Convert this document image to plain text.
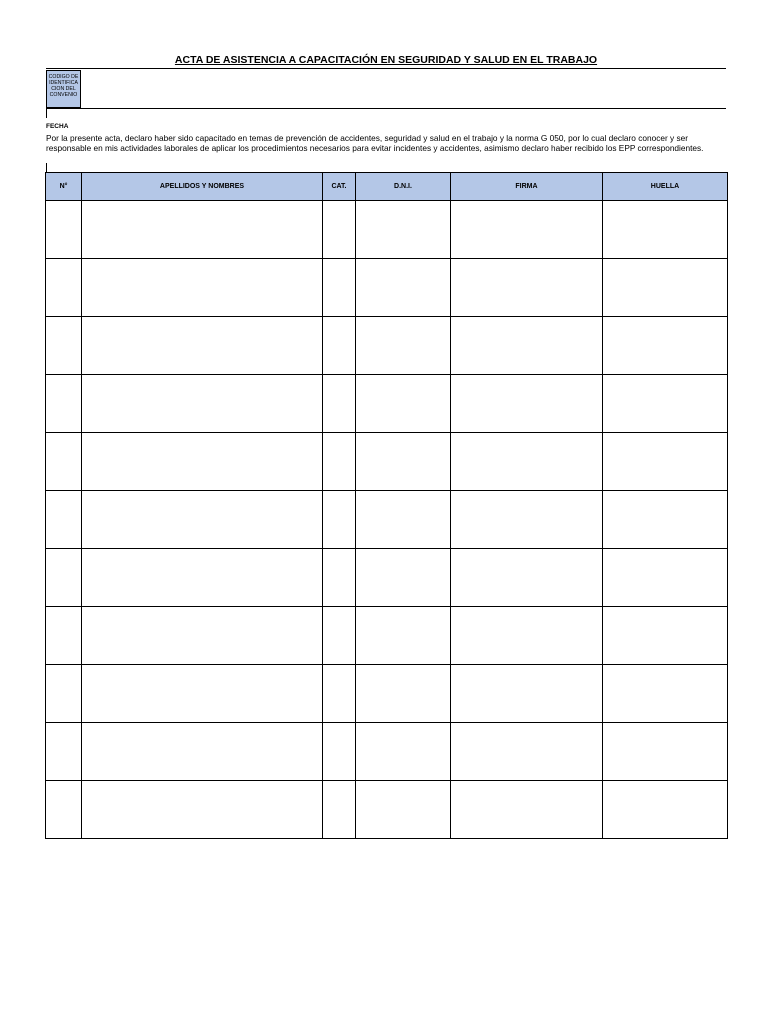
ACTA DE ASISTENCIA A CAPACITACIÓN EN SEGURIDAD Y SALUD EN EL TRABAJO
CODIGO DE
IDENTIFICA
CION DEL
CONVENIO
FECHA
Por la presente acta, declaro haber sido capacitado en temas de prevención de accidentes, seguridad y salud en el trabajo y la norma G 050, por lo cual declaro conocer y ser responsable en mis actividades laborales de aplicar los procedimientos necesarios para evitar incidentes y accidentes, asimismo declaro haber recibido los EPP correspondientes.
N°	APELLIDOS Y NOMBRES	CAT.	D.N.I.	FIRMA	HUELLA
